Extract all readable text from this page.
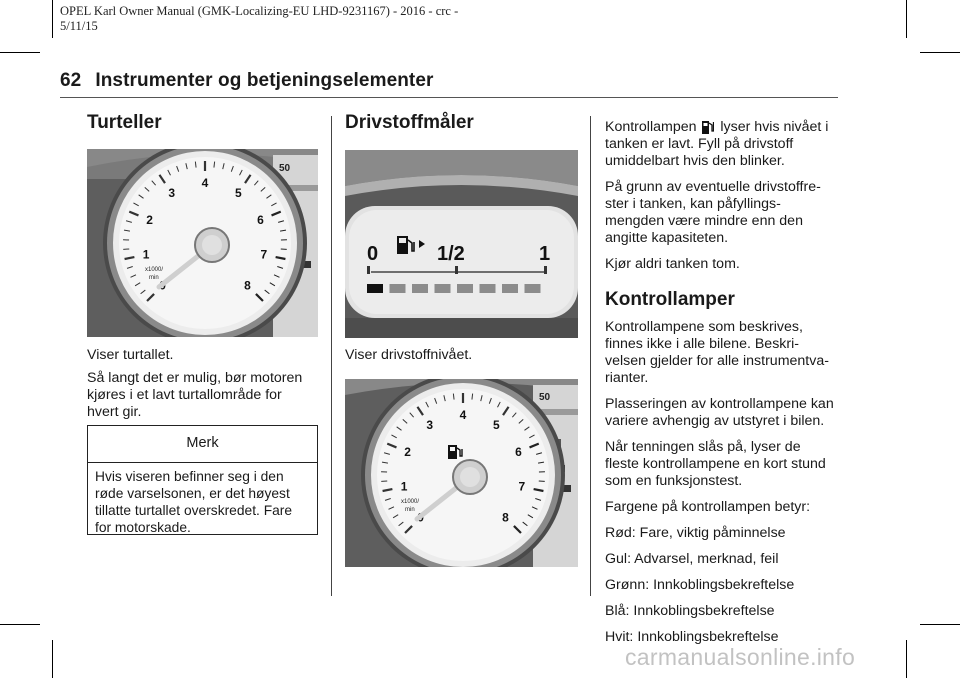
OPEL Karl Owner Manual (GMK-Localizing-EU LHD-9231167) - 2016 - crc -
5/11/15
62 Instrumenter og betjeningselementer
Turteller
50
1
2
3
4
5
6
7
8
x1000/
min

Viser turtallet.

Så langt det er mulig, bør motoren
kjøres i et lavt turtallområde for
hvert gir.
Merk
Hvis viseren befinner seg i den
røde varselsonen, er det høyest
tillatte turtallet overskredet. Fare
for motorskade.
Drivstoffmåler
0	1/2	1

Viser drivstoffnivået.

50
1
2
3
4
5
6
7
8
x1000/
min

Kontrollampen lyser hvis nivået i
tanken er lavt. Fyll på drivstoff
umiddelbart hvis den blinker.

På grunn av eventuelle drivstoffre-
ster i tanken, kan påfyllings-
mengden være mindre enn den
angitte kapasiteten.

Kjør aldri tanken tom.

Kontrollamper

Kontrollampene som beskrives,
finnes ikke i alle bilene. Beskri-
velsen gjelder for alle instrumentva-
rianter.

Plasseringen av kontrollampene kan
variere avhengig av utstyret i bilen.

Når tenningen slås på, lyser de
fleste kontrollampene en kort stund
som en funksjonstest.

Fargene på kontrollampen betyr:

Rød: Fare, viktig påminnelse

Gul: Advarsel, merknad, feil

Grønn: Innkoblingsbekreftelse

Blå: Innkoblingsbekreftelse

Hvit: Innkoblingsbekreftelse

carmanualsonline.info
